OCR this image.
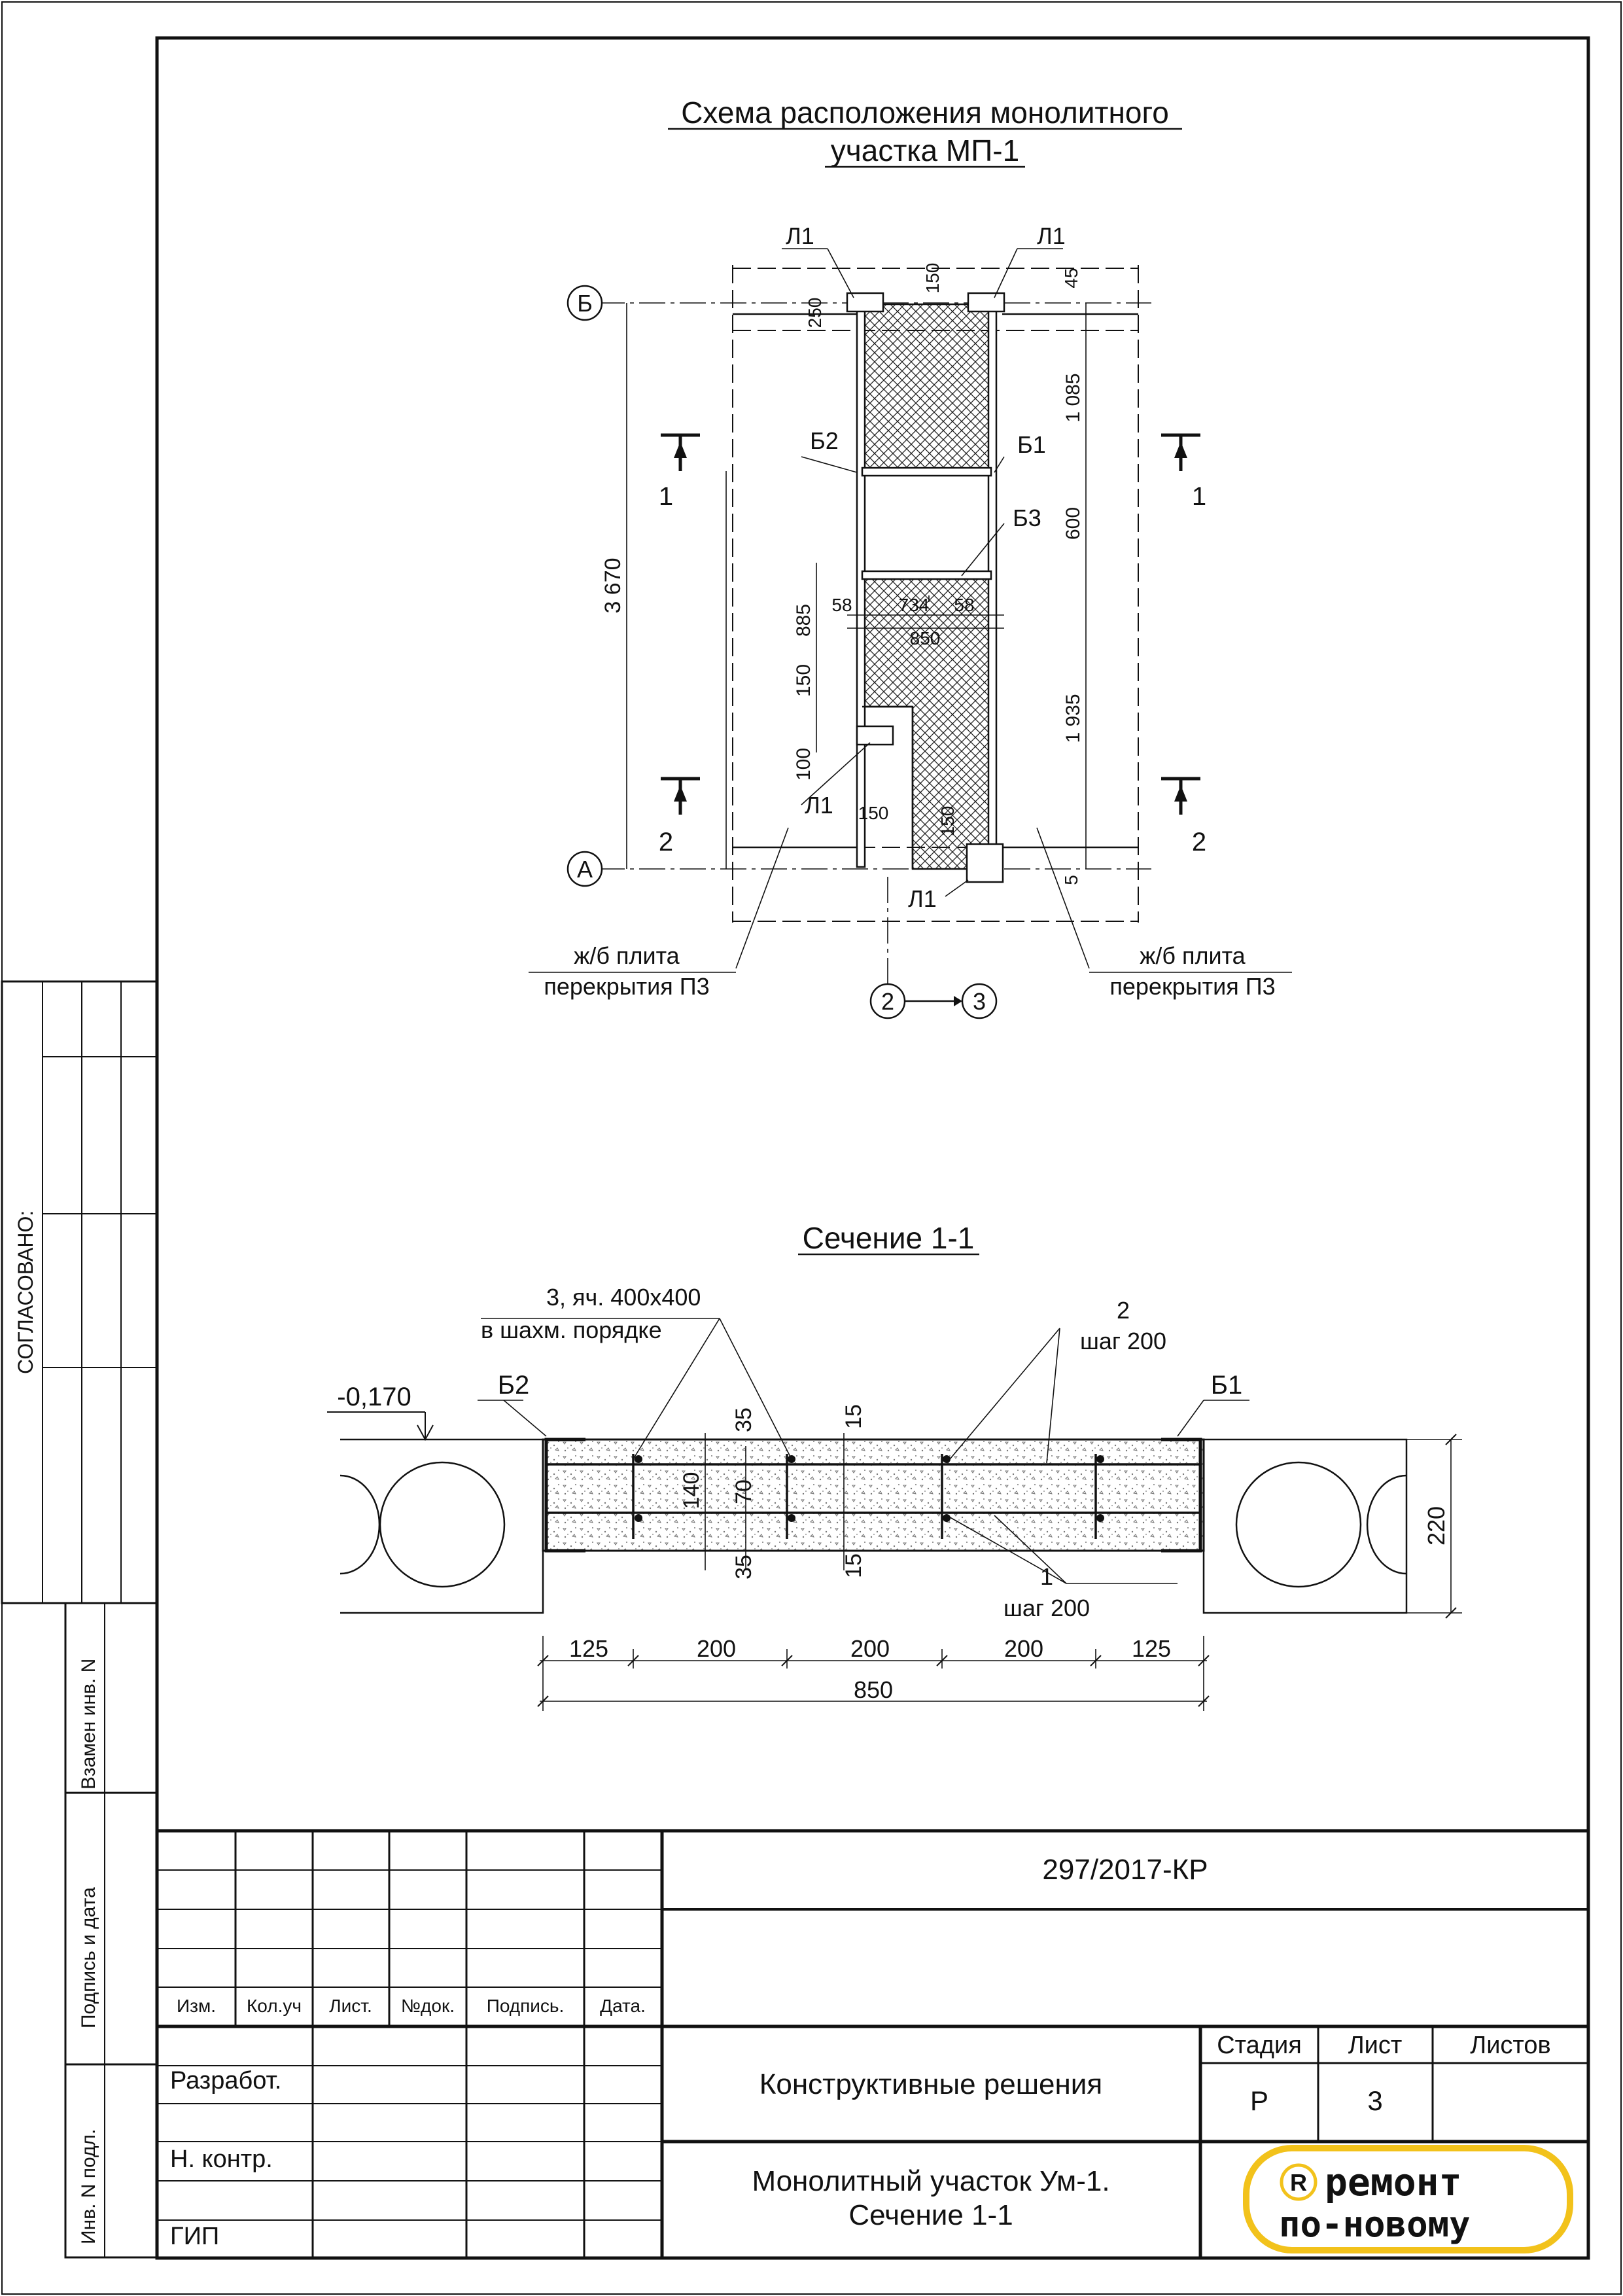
СОГЛАСОВАНО:
Взамен инв. N
Подпись и дата
Инв. N подл.
Схема расположения монолитного
участка МП-1
Л1	Л1
Б2	Б1
Б3
Л1
Л1
Б
А
2	3
1	1
2	2
3 670
1 085
600
1 935
885
150
100
150
250
45
5
150
150
58	734 58
850
ж/б плита
перекрытия П3
ж/б плита
перекрытия П3
Сечение 1-1
3, яч. 400х400
в шахм. порядке
2
шаг 200
1
шаг 200
-0,170	Б2	Б1
35
35
15
15
140 70
220
125	200	200	200	125
850
297/2017-КР
Изм. Кол.уч Лист. №док. Подпись. Дата.
Разработ.
Н. контр.
ГИП
Конструктивные решения
Монолитный участок Ум-1.
Сечение 1-1
Стадия Лист	Листов
Р	3
R ремонт
по-новому
